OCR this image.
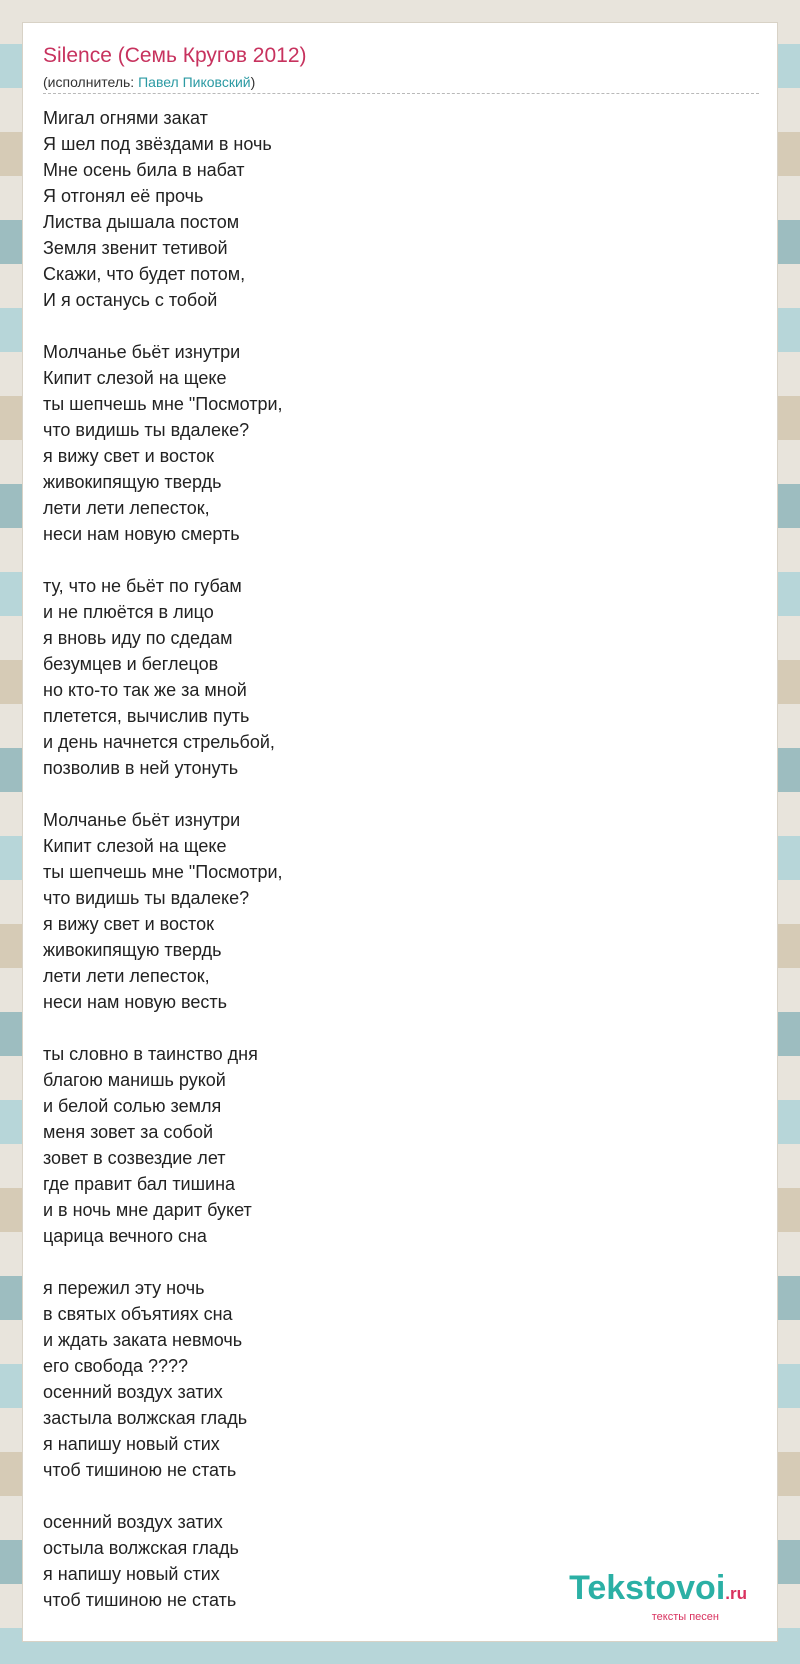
Silence (Семь Кругов 2012)
(исполнитель: Павел Пиковский)
Мигал огнями закат
Я шел под звёздами в ночь
Мне осень била в набат
Я отгонял её прочь
Листва дышала постом
Земля звенит тетивой
Скажи, что будет потом,
И я останусь с тобой
Молчанье бьёт изнутри
Кипит слезой на щеке
ты шепчешь мне "Посмотри,
что видишь ты вдалеке?
я вижу свет и восток
живокипящую твердь
лети лети лепесток,
неси нам новую смерть
ту, что не бьёт по губам
и не плюётся в лицо
я вновь иду по сдедам
безумцев и беглецов
но кто-то так же за мной
плетется, вычислив путь
и день начнется стрельбой,
позволив в ней утонуть
Молчанье бьёт изнутри
Кипит слезой на щеке
ты шепчешь мне "Посмотри,
что видишь ты вдалеке?
я вижу свет и восток
живокипящую твердь
лети лети лепесток,
неси нам новую весть
ты словно в таинство дня
благою манишь рукой
и белой солью земля
меня зовет за собой
зовет в созвездие лет
где правит бал тишина
и в ночь мне дарит букет
царица вечного сна
я пережил эту ночь
в святых объятиях сна
и ждать заката невмочь
его свобода ????
осенний воздух затих
застыла волжская гладь
я напишу новый стих
чтоб тишиною не стать
осенний воздух затих
остыла волжская гладь
я напишу новый стих
чтоб тишиною не стать	Tekstovoi.ru
тексты песен
